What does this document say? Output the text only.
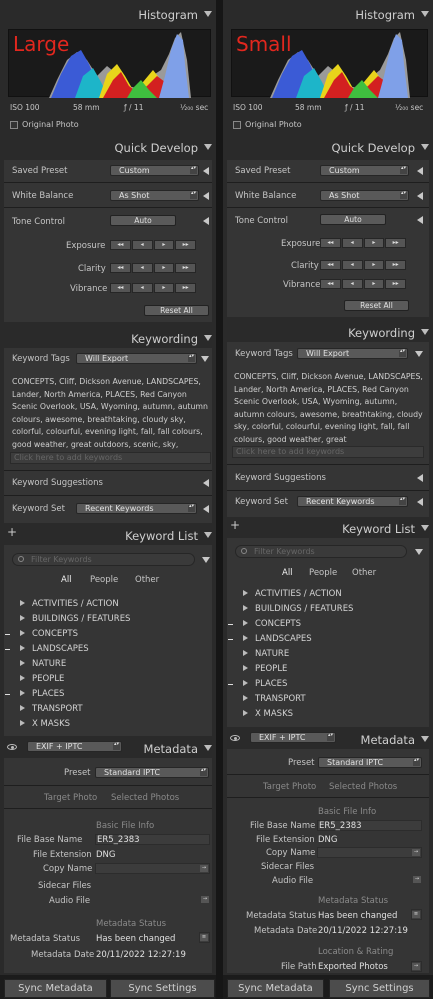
Histogram
Large
ISO 100	58 mm	ƒ / 11	¹⁄₂₀₀ sec
Original Photo
Quick Develop
Saved Preset	Custom	▴▾
White Balance	As Shot	▴▾
Tone Control	Auto
Exposure	◂◂	◂	▸	▸▸
Clarity	◂◂	◂	▸	▸▸
Vibrance	◂◂	◂	▸	▸▸
Reset All
Keywording
Keyword Tags	Will Export	▴▾
CONCEPTS, Cliff, Dickson Avenue, LANDSCAPES, Lander, North America, PLACES, Red Canyon Scenic Overlook, USA, Wyoming, autumn, autumn colours, awesome, breathtaking, cloudy sky, colorful, colourful, evening light, fall, fall colours, good weather, great outdoors, scenic, sky,
Click here to add keywords
Keyword Suggestions
Keyword Set	Recent Keywords	▴▾
+	Keyword List
Filter Keywords
All People Other
ACTIVITIES / ACTION
BUILDINGS / FEATURES
CONCEPTS
LANDSCAPES
NATURE
PEOPLE
PLACES
TRANSPORT
X MASKS
EXIF + IPTC	▴▾ Metadata
Preset	Standard IPTC	▴▾
Target Photo Selected Photos
Basic File Info
File Base Name ER5_2383
File Extension DNG
Copy Name	→
Sidecar Files
Audio File	→
Metadata Status
Metadata Status Has been changed	≡
Metadata Date 20/11/2022 12:27:19
Sync Metadata	Sync Settings
Histogram
Small
ISO 100	58 mm	ƒ / 11	¹⁄₂₀₀ sec
Original Photo
Quick Develop
Saved Preset	Custom	▴▾
White Balance	As Shot	▴▾
Tone Control	Auto
Exposure	◂◂	◂	▸	▸▸
Clarity	◂◂	◂	▸	▸▸
Vibrance	◂◂	◂	▸	▸▸
Reset All
Keywording
Keyword Tags	Will Export	▴▾
CONCEPTS, Cliff, Dickson Avenue, LANDSCAPES, Lander, North America, PLACES, Red Canyon Scenic Overlook, USA, Wyoming, autumn, autumn colours, awesome, breathtaking, cloudy sky, colorful, colourful, evening light, fall, fall colours, good weather, great
Click here to add keywords
Keyword Suggestions
Keyword Set	Recent Keywords	▴▾
+	Keyword List
Filter Keywords
All People Other
ACTIVITIES / ACTION
BUILDINGS / FEATURES
CONCEPTS
LANDSCAPES
NATURE
PEOPLE
PLACES
TRANSPORT
X MASKS
EXIF + IPTC	▴▾ Metadata
Preset	Standard IPTC	▴▾
Target Photo Selected Photos
Basic File Info
File Base Name ER5_2383
File Extension DNG
Copy Name	→
Sidecar Files
Audio File	→
Metadata Status
Metadata Status Has been changed	≡
Metadata Date 20/11/2022 12:27:19
Location & Rating
File Path Exported Photos	→
Sync Metadata	Sync Settings
